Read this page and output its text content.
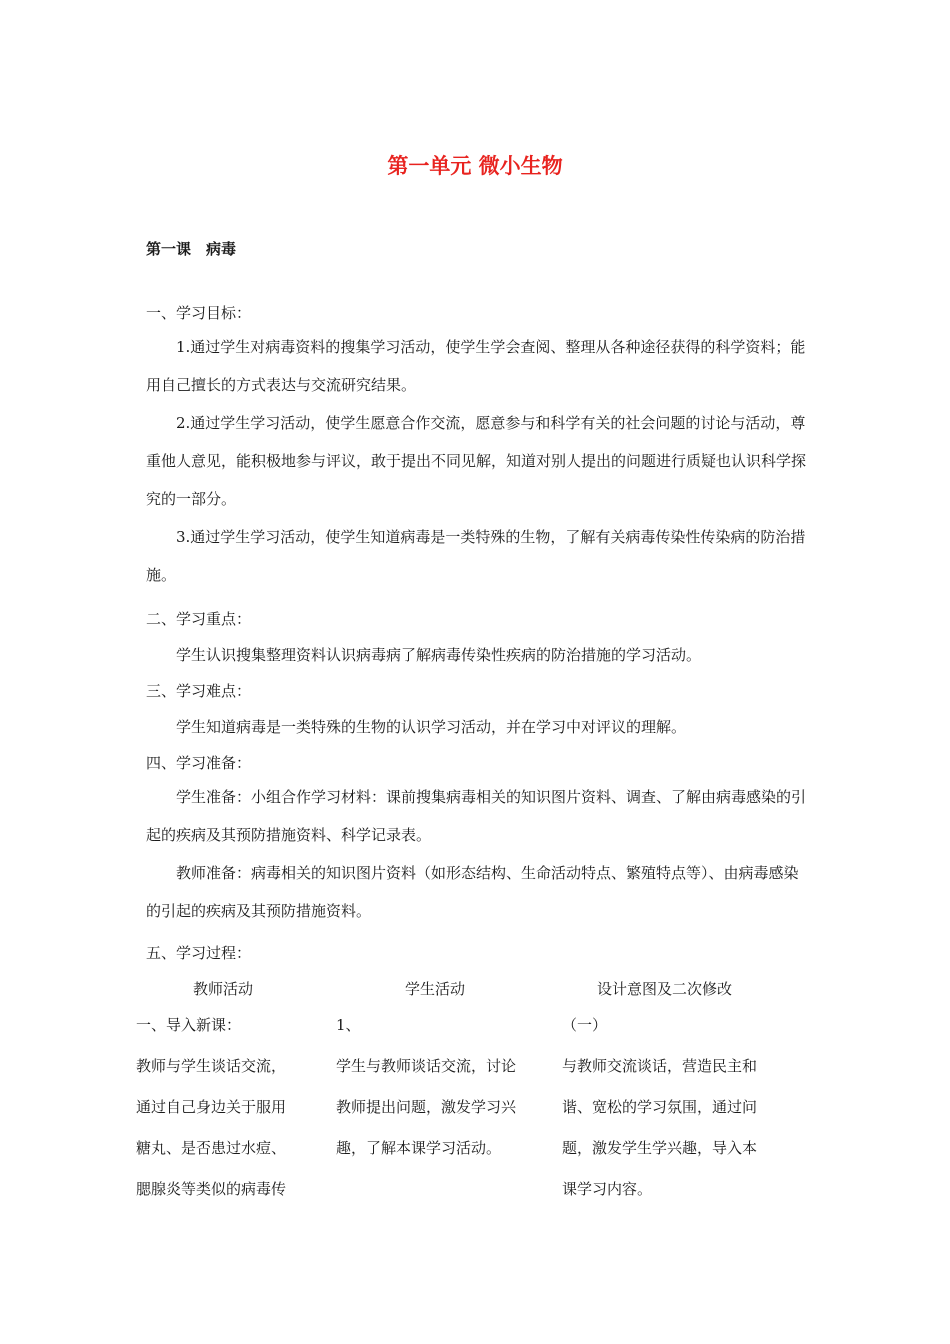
第一单元 微小生物
第一课　病毒
一、学习目标：
1.通过学生对病毒资料的搜集学习活动，使学生学会查阅、整理从各种途径获得的科学资料；能用自己擅长的方式表达与交流研究结果。
2.通过学生学习活动，使学生愿意合作交流，愿意参与和科学有关的社会问题的讨论与活动，尊重他人意见，能积极地参与评议，敢于提出不同见解，知道对别人提出的问题进行质疑也认识科学探究的一部分。
3.通过学生学习活动，使学生知道病毒是一类特殊的生物，了解有关病毒传染性传染病的防治措施。
二、学习重点：
学生认识搜集整理资料认识病毒病了解病毒传染性疾病的防治措施的学习活动。
三、学习难点：
学生知道病毒是一类特殊的生物的认识学习活动，并在学习中对评议的理解。
四、学习准备：
学生准备：小组合作学习材料：课前搜集病毒相关的知识图片资料、调查、了解由病毒感染的引起的疾病及其预防措施资料、科学记录表。
教师准备：病毒相关的知识图片资料（如形态结构、生命活动特点、繁殖特点等）、由病毒感染的引起的疾病及其预防措施资料。
五、学习过程：
教师活动	学生活动	设计意图及二次修改
一、导入新课：
教师与学生谈话交流，
通过自己身边关于服用
糖丸、是否患过水痘、
腮腺炎等类似的病毒传
1、
学生与教师谈话交流，讨论
教师提出问题，激发学习兴
趣，了解本课学习活动。
（一）
与教师交流谈话，营造民主和
谐、宽松的学习氛围，通过问
题，激发学生学兴趣，导入本
课学习内容。
